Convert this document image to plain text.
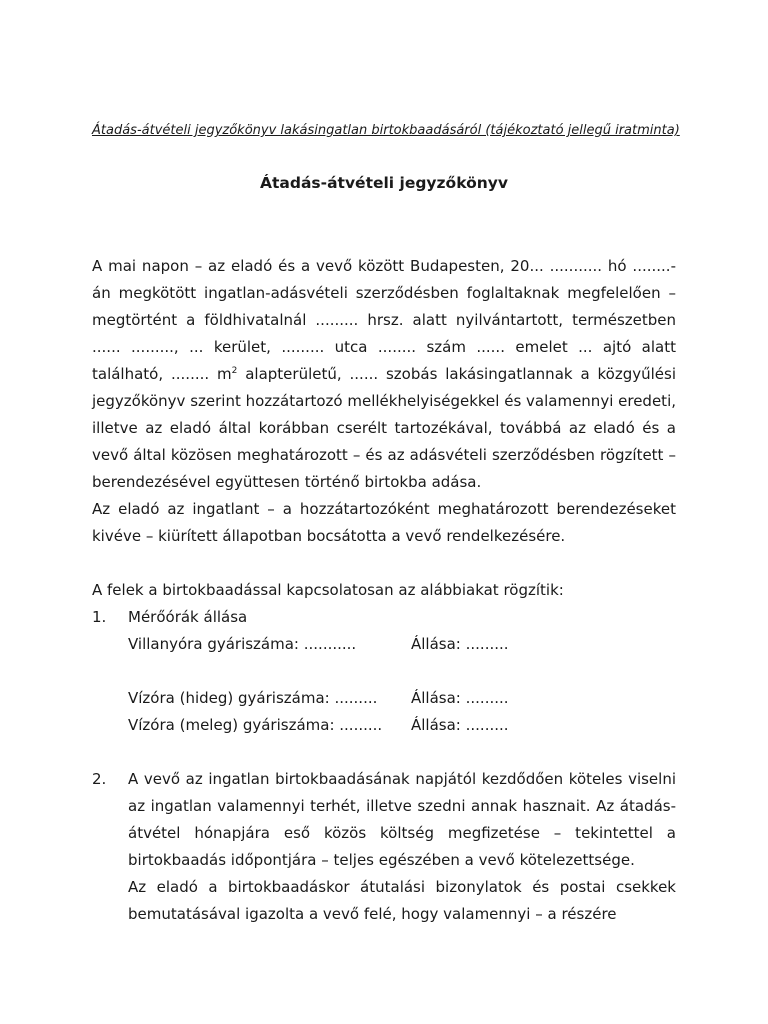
Átadás-átvételi jegyzőkönyv lakásingatlan birtokbaadásáról (tájékoztató jellegű iratminta)
Átadás-átvételi jegyzőkönyv

A mai napon – az eladó és a vevő között Budapesten, 20... ........... hó ........-án megkötött ingatlan-adásvételi szerződésben foglaltaknak megfelelően – megtörtént a földhivatalnál ......... hrsz. alatt nyilvántartott, természetben ...... ........., ... kerület, ......... utca ........ szám ...... emelet ... ajtó alatt található, ........ $m^2$ alapterületű, ...... szobás lakásingatlannak a közgyűlési jegyzőkönyv szerint hozzátartozó mellékhelyiségekkel és valamennyi eredeti, illetve az eladó által korábban cserélt tartozékával, továbbá az eladó és a vevő által közösen meghatározott – és az adásvételi szerződésben rögzített – berendezésével együttesen történő birtokba adása.

Az eladó az ingatlant – a hozzátartozóként meghatározott berendezéseket kivéve – kiürített állapotban bocsátotta a vevő rendelkezésére.

A felek a birtokbaadással kapcsolatosan az alábbiakat rögzítik:

1.	Mérőórák állása
Villanyóra gyáriszáma: ...........	Állása: .........
Vízóra (hideg) gyáriszáma: .........	Állása: .........
Vízóra (meleg) gyáriszáma: .........	Állása: .........
2.	A vevő az ingatlan birtokbaadásának napjától kezdődően köteles viselni az ingatlan valamennyi terhét, illetve szedni annak hasznait. Az átadás-átvétel hónapjára eső közös költség megfizetése – tekintettel a birtokbaadás időpontjára – teljes egészében a vevő kötelezettsége.

Az eladó a birtokbaadáskor átutalási bizonylatok és postai csekkek bemutatásával igazolta a vevő felé, hogy valamennyi – a részére
